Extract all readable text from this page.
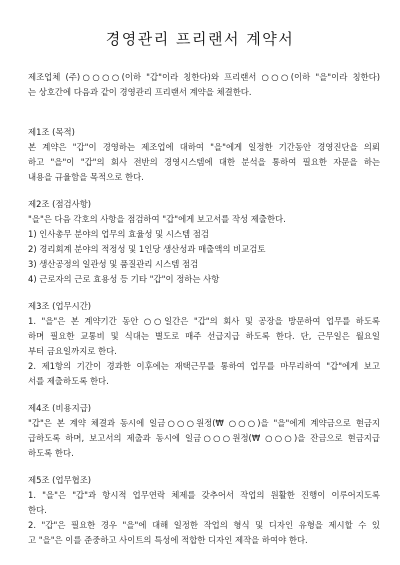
경영관리 프리랜서 계약서
제조업체 (주)○○○○(이하 "갑"이라 칭한다)와 프리랜서 ○○○(이하 "을"이라 칭한다)
는 상호간에 다음과 같이 경영관리 프리랜서 계약을 체결한다.
제1조 (목적)
본 계약은 "갑"이 경영하는 제조업에 대하여 "을"에게 일정한 기간동안 경영진단을 의뢰
하고 "을"이 "갑"의 회사 전반의 경영시스템에 대한 분석을 통하여 필요한 자문을 하는
내용을 규율함을 목적으로 한다.
제2조 (점검사항)
"을"은 다음 각호의 사항을 점검하여 "갑"에게 보고서를 작성 제출한다.
1) 인사총무 분야의 업무의 효율성 및 시스템 점검
2) 경리회계 분야의 적정성 및 1인당 생산성과 매출액의 비교검토
3) 생산공정의 일관성 및 품질관리 시스템 점검
4) 근로자의 근로 효용성 등 기타 "갑"이 정하는 사항
제3조 (업무시간)
1. "을"은 본 계약기간 동안 ○○일간은 "갑"의 회사 및 공장을 방문하여 업무를 하도록
하며 필요한 교통비 및 식대는 별도로 매주 선급지급 하도록 한다. 단, 근무일은 월요일
부터 금요일까지로 한다.
2. 제1항의 기간이 경과한 이후에는 재택근무를 통하여 업무를 마무리하여 "갑"에게 보고
서를 제출하도록 한다.
제4조 (비용지급)
"갑"은 본 계약 체결과 동시에 일금○○○원정(₩ ○○○)을 "을"에게 계약금으로 현금지
급하도록 하며, 보고서의 제출과 동시에 일금○○○원정(₩ ○○○)을 잔금으로 현금지급
하도록 한다.
제5조 (업무협조)
1. "을"은 "갑"과 항시적 업무연락 체제를 갖추어서 작업의 원활한 진행이 이루어지도록
한다.
2. "갑"은 필요한 경우 "을"에 대해 일정한 작업의 형식 및 디자인 유형을 제시할 수 있
고 "을"은 이를 준중하고 사이트의 특성에 적합한 디자인 제작을 하여야 한다.
